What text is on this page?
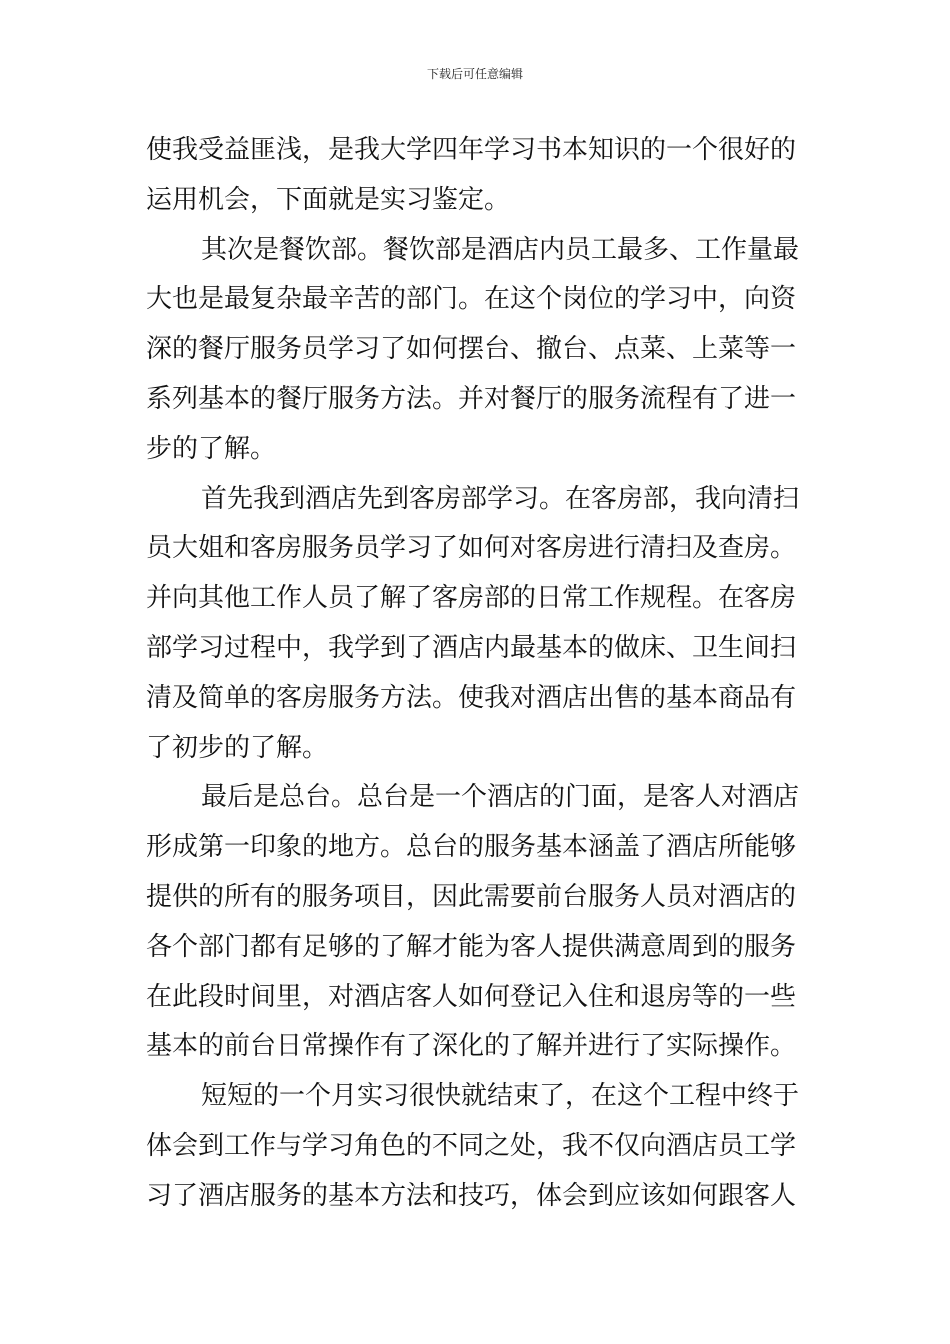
下载后可任意编辑
使我受益匪浅，是我大学四年学习书本知识的一个很好的
运用机会，下面就是实习鉴定。
其次是餐饮部。餐饮部是酒店内员工最多、工作量最
大也是最复杂最辛苦的部门。在这个岗位的学习中，向资
深的餐厅服务员学习了如何摆台、撤台、点菜、上菜等一
系列基本的餐厅服务方法。并对餐厅的服务流程有了进一
步的了解。
首先我到酒店先到客房部学习。在客房部，我向清扫
员大姐和客房服务员学习了如何对客房进行清扫及查房。
并向其他工作人员了解了客房部的日常工作规程。在客房
部学习过程中，我学到了酒店内最基本的做床、卫生间扫
清及简单的客房服务方法。使我对酒店出售的基本商品有
了初步的了解。
最后是总台。总台是一个酒店的门面，是客人对酒店
形成第一印象的地方。总台的服务基本涵盖了酒店所能够
提供的所有的服务项目，因此需要前台服务人员对酒店的
各个部门都有足够的了解才能为客人提供满意周到的服务
在此段时间里，对酒店客人如何登记入住和退房等的一些
基本的前台日常操作有了深化的了解并进行了实际操作。
短短的一个月实习很快就结束了，在这个工程中终于
体会到工作与学习角色的不同之处，我不仅向酒店员工学
习了酒店服务的基本方法和技巧，体会到应该如何跟客人
